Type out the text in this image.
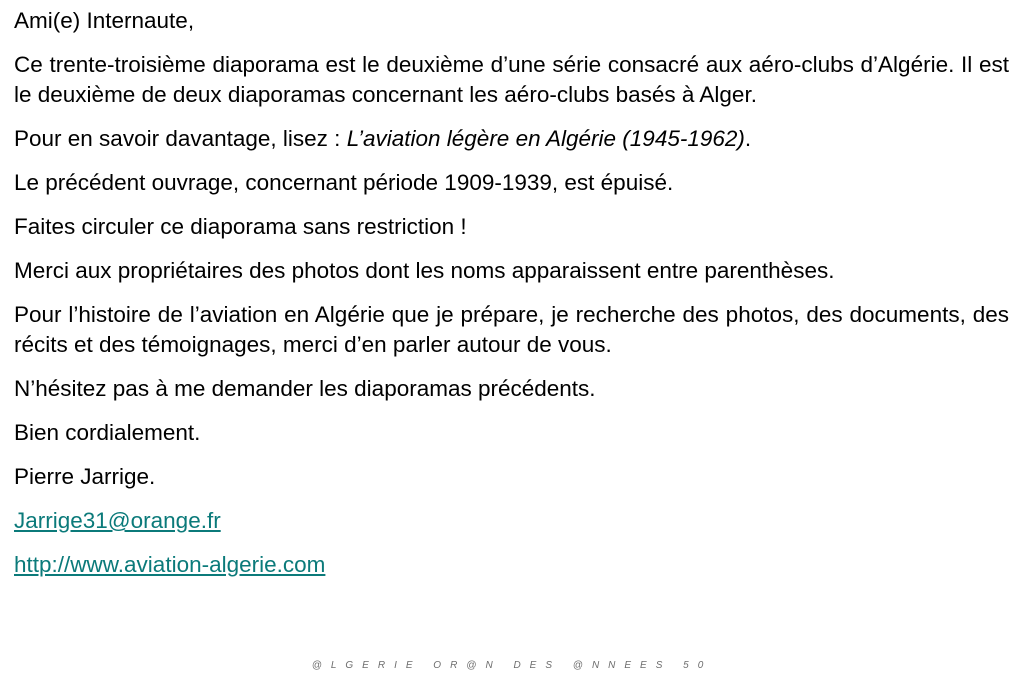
Ami(e) Internaute,

Ce trente-troisième diaporama est le deuxième d’une série consacré aux aéro-clubs d’Algérie. Il est le deuxième de deux diaporamas concernant les aéro-clubs basés à Alger.

Pour en savoir davantage, lisez : L’aviation légère en Algérie (1945-1962).

Le précédent ouvrage, concernant période 1909-1939, est épuisé.

Faites circuler ce diaporama sans restriction !

Merci aux propriétaires des photos dont les noms apparaissent entre parenthèses.

Pour l’histoire de l’aviation en Algérie que je prépare, je recherche des photos, des documents, des récits et des témoignages, merci d’en parler autour de vous.

N’hésitez pas à me demander les diaporamas précédents.

Bien cordialement.

Pierre Jarrige.

Jarrige31@orange.fr

http://www.aviation-algerie.com

@LGERIE OR@N DES @NNEES 50
